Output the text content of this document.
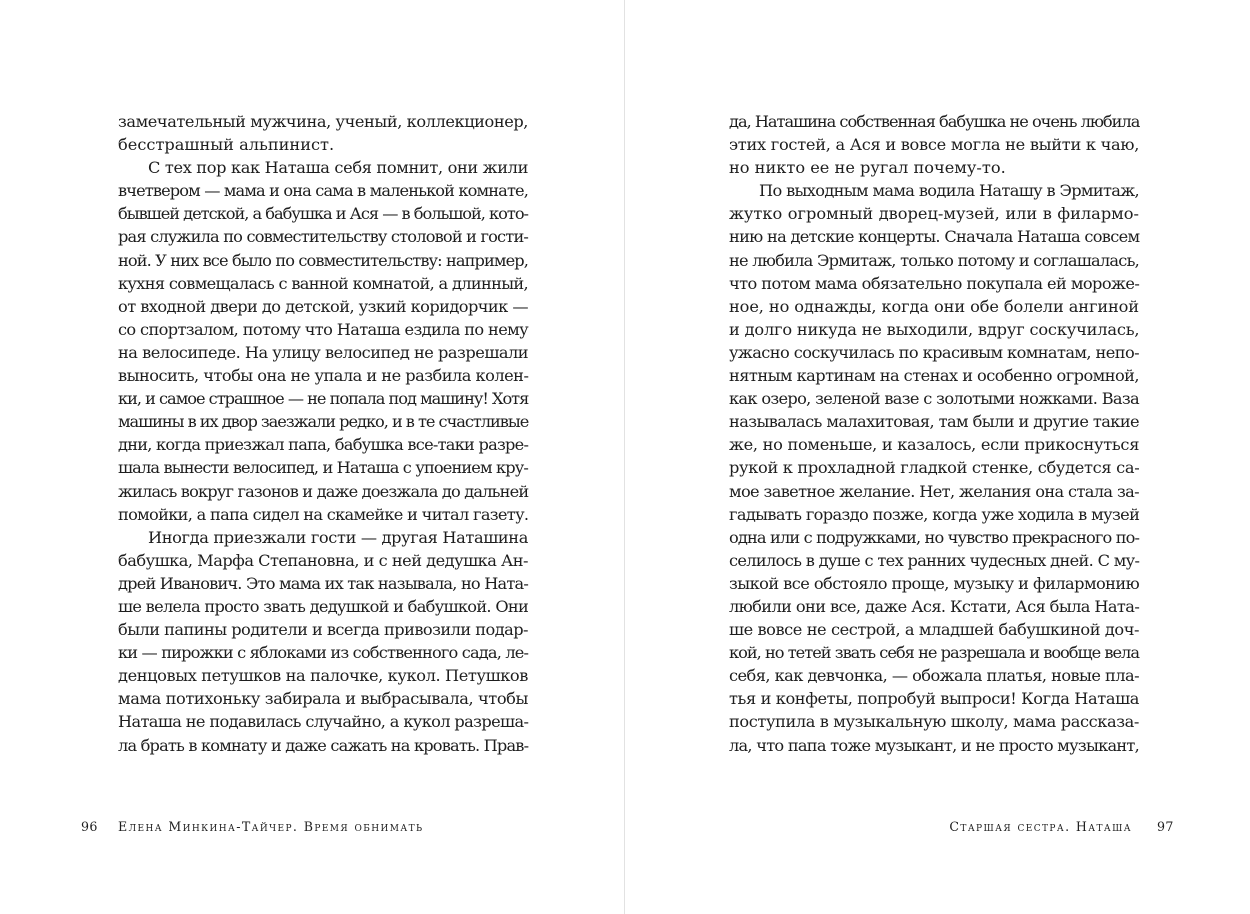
замечательный мужчина, ученый, коллекционер,
бесстрашный альпинист.
С тех пор как Наташа себя помнит, они жили
вчетвером — мама и она сама в маленькой комнате,
бывшей детской, а бабушка и Ася — в большой, кото-
рая служила по совместительству столовой и гости-
ной. У них все было по совместительству: например,
кухня совмещалась с ванной комнатой, а длинный,
от входной двери до детской, узкий коридорчик —
со спортзалом, потому что Наташа ездила по нему
на велосипеде. На улицу велосипед не разрешали
выносить, чтобы она не упала и не разбила колен-
ки, и самое страшное — не попала под машину! Хотя
машины в их двор заезжали редко, и в те счастливые
дни, когда приезжал папа, бабушка все-таки разре-
шала вынести велосипед, и Наташа с упоением кру-
жилась вокруг газонов и даже доезжала до дальней
помойки, а папа сидел на скамейке и читал газету.
Иногда приезжали гости — другая Наташина
бабушка, Марфа Степановна, и с ней дедушка Ан-
дрей Иванович. Это мама их так называла, но Ната-
ше велела просто звать дедушкой и бабушкой. Они
были папины родители и всегда привозили подар-
ки — пирожки с яблоками из собственного сада, ле-
денцовых петушков на палочке, кукол. Петушков
мама потихоньку забирала и выбрасывала, чтобы
Наташа не подавилась случайно, а кукол разреша-
ла брать в комнату и даже сажать на кровать. Прав-
96 Елена Минкина-Тайчер. Время обнимать
да, Наташина собственная бабушка не очень любила
этих гостей, а Ася и вовсе могла не выйти к чаю,
но никто ее не ругал почему-то.
По выходным мама водила Наташу в Эрмитаж,
жутко огромный дворец-музей, или в филармо-
нию на детские концерты. Сначала Наташа совсем
не любила Эрмитаж, только потому и соглашалась,
что потом мама обязательно покупала ей мороже-
ное, но однажды, когда они обе болели ангиной
и долго никуда не выходили, вдруг соскучилась,
ужасно соскучилась по красивым комнатам, непо-
нятным картинам на стенах и особенно огромной,
как озеро, зеленой вазе с золотыми ножками. Ваза
называлась малахитовая, там были и другие такие
же, но поменьше, и казалось, если прикоснуться
рукой к прохладной гладкой стенке, сбудется са-
мое заветное желание. Нет, желания она стала за-
гадывать гораздо позже, когда уже ходила в музей
одна или с подружками, но чувство прекрасного по-
селилось в душе с тех ранних чудесных дней. С му-
зыкой все обстояло проще, музыку и филармонию
любили они все, даже Ася. Кстати, Ася была Ната-
ше вовсе не сестрой, а младшей бабушкиной доч-
кой, но тетей звать себя не разрешала и вообще вела
себя, как девчонка, — обожала платья, новые пла-
тья и конфеты, попробуй выпроси! Когда Наташа
поступила в музыкальную школу, мама рассказа-
ла, что папа тоже музыкант, и не просто музыкант,
Старшая сестра. Наташа 97
